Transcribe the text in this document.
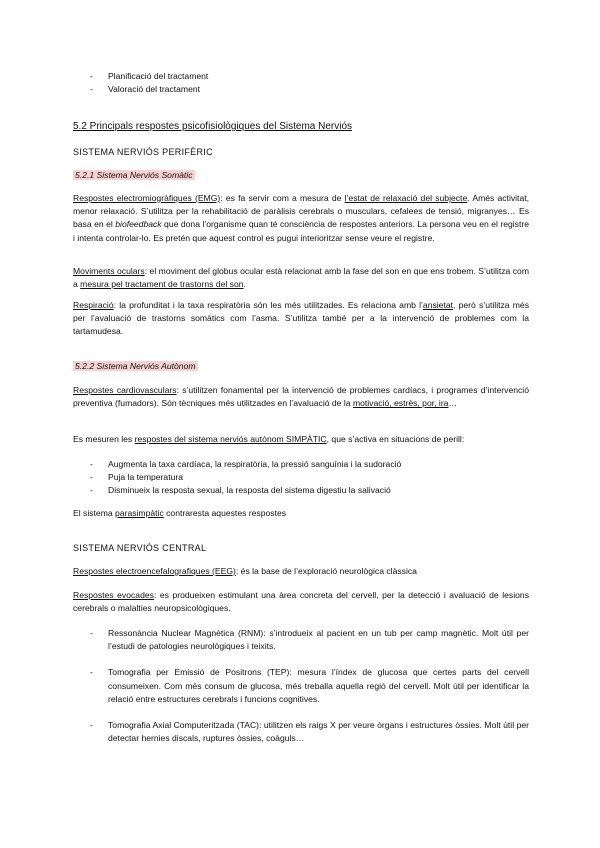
- Planificació del tractament
- Valoració del tractament

5.2 Principals respostes psicofisiològiques del Sistema Nerviós

SISTEMA NERVIÓS PERIFÈRIC

5.2.1 Sistema Nerviós Somàtic

Respostes electromiogràfiques (EMG): es fa servir com a mesura de l’estat de relaxació del subjecte. Amés activitat, menor relaxació. S’utilitza per la rehabilitació de paràlisis cerebrals o musculars, cefalees de tensió, migranyes… Es basa en el biofeedback que dona l’organisme quan té consciència de respostes anteriors. La persona veu en el registre i intenta controlar-lo. Es pretén que aquest control es pugui interioritzar sense veure el registre.

Moviments oculars: el moviment del globus ocular està relacionat amb la fase del son en que ens trobem. S’utilitza com a mesura pel tractament de trastorns del son.

Respiració: la profunditat i la taxa respiratòria són les més utilitzades. Es relaciona amb l’ansietat, però s’utilitza més per l’avaluació de trastorns somàtics com l’asma. S’utilitza també per a la intervenció de problemes com la tartamudesa.

5.2.2 Sistema Nerviós Autònom

Respostes cardiovasculars: s’utilitzen fonamental per la intervenció de problemes cardíacs, i programes d’intervenció preventiva (fumadors). Són tècniques més utilitzades en l’avaluació de la motivació, estrès, por, ira…

Es mesuren les respostes del sistema nerviós autònom SIMPÀTIC, que s’activa en situacions de perill:

- Augmenta la taxa cardíaca, la respiratòria, la pressió sanguínia i la sudoració
- Puja la temperatura
- Disminueix la resposta sexual, la resposta del sistema digestiu la salivació

El sistema parasimpàtic contraresta aquestes respostes

SISTEMA NERVIÓS CENTRAL

Respostes electroencefalografiques (EEG): és la base de l’exploració neurològica clàssica

Respostes evocades: es produeixen estimulant una àrea concreta del cervell, per la detecció i avaluació de lesions cerebrals o malalties neuropsicològiques.

- Ressonància Nuclear Magnètica (RNM): s’introdueix al pacient en un tub per camp magnètic. Molt útil per l’estudi de patologies neurològiques i teixits.
- Tomografia per Emissió de Positrons (TEP): mesura l’índex de glucosa que certes parts del cervell consumeixen. Com més consum de glucosa, més treballa aquella regió del cervell. Molt útil per identificar la relació entre estructures cerebrals i funcions cognitives.
- Tomografia Axial Computeritzada (TAC): utilitzen els raigs X per veure òrgans i estructures òssies. Molt útil per detectar hernies discals, ruptures òssies, coàguls…
